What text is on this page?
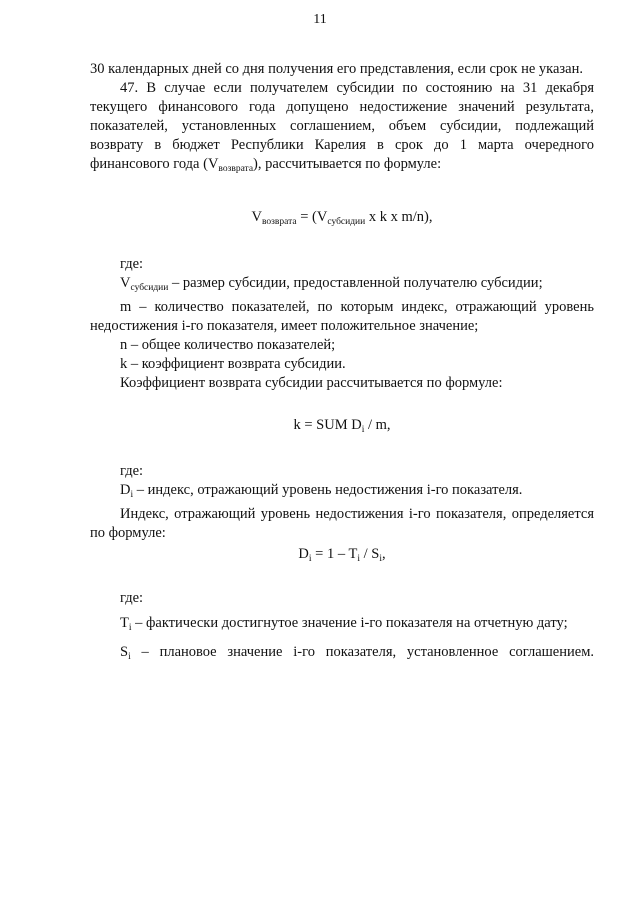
11

30 календарных дней со дня получения его представления, если срок не указан.

47. В случае если получателем субсидии по состоянию на 31 декабря текущего финансового года допущено недостижение значений результата, показателей, установленных соглашением, объем субсидии, подлежащий возврату в бюджет Республики Карелия в срок до 1 марта очередного финансового года $(V_{возврата})$, рассчитывается по формуле:

$V_{возврата} = (V_{субсидии}$ x k x m/n),

где:

$V_{субсидии}$ – размер субсидии, предоставленной получателю субсидии;

m – количество показателей, по которым индекс, отражающий уровень недостижения i-го показателя, имеет положительное значение;

n – общее количество показателей;

k – коэффициент возврата субсидии.

Коэффициент возврата субсидии рассчитывается по формуле:

k = SUM $D_i$ / m,

где:

$D_i$ – индекс, отражающий уровень недостижения i-го показателя.

Индекс, отражающий уровень недостижения i-го показателя, определяется по формуле:

$D_i = 1 - T_i / S_i$,

где:

$T_i$ – фактически достигнутое значение i-го показателя на отчетную дату;

$S_i$ – плановое значение i-го показателя, установленное соглашением.
